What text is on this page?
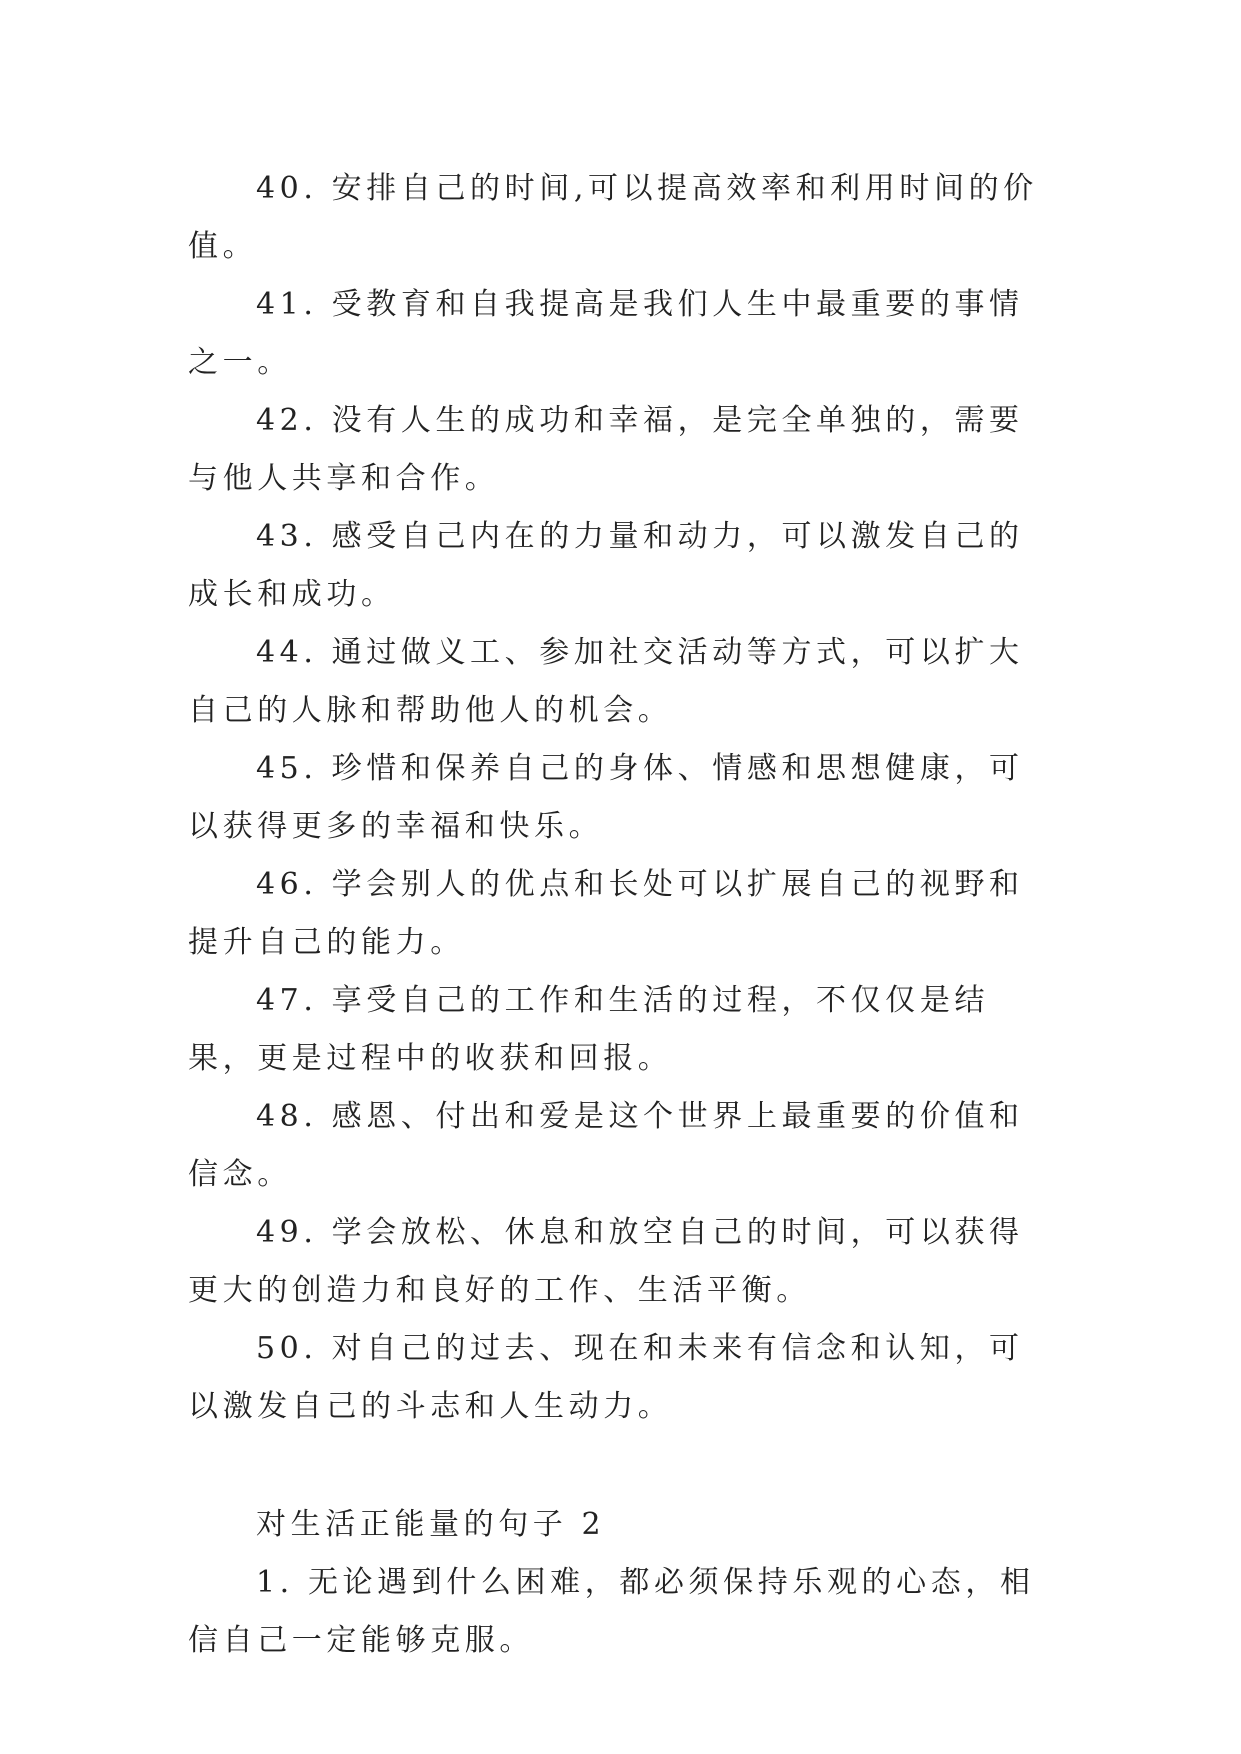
40. 安排自己的时间,可以提高效率和利用时间的价值。

41. 受教育和自我提高是我们人生中最重要的事情之一。

42. 没有人生的成功和幸福，是完全单独的，需要与他人共享和合作。

43. 感受自己内在的力量和动力，可以激发自己的成长和成功。

44. 通过做义工、参加社交活动等方式，可以扩大自己的人脉和帮助他人的机会。

45. 珍惜和保养自己的身体、情感和思想健康，可以获得更多的幸福和快乐。

46. 学会别人的优点和长处可以扩展自己的视野和提升自己的能力。

47. 享受自己的工作和生活的过程，不仅仅是结果，更是过程中的收获和回报。

48. 感恩、付出和爱是这个世界上最重要的价值和信念。

49. 学会放松、休息和放空自己的时间，可以获得更大的创造力和良好的工作、生活平衡。

50. 对自己的过去、现在和未来有信念和认知，可以激发自己的斗志和人生动力。

对生活正能量的句子 2

1. 无论遇到什么困难，都必须保持乐观的心态，相信自己一定能够克服。
